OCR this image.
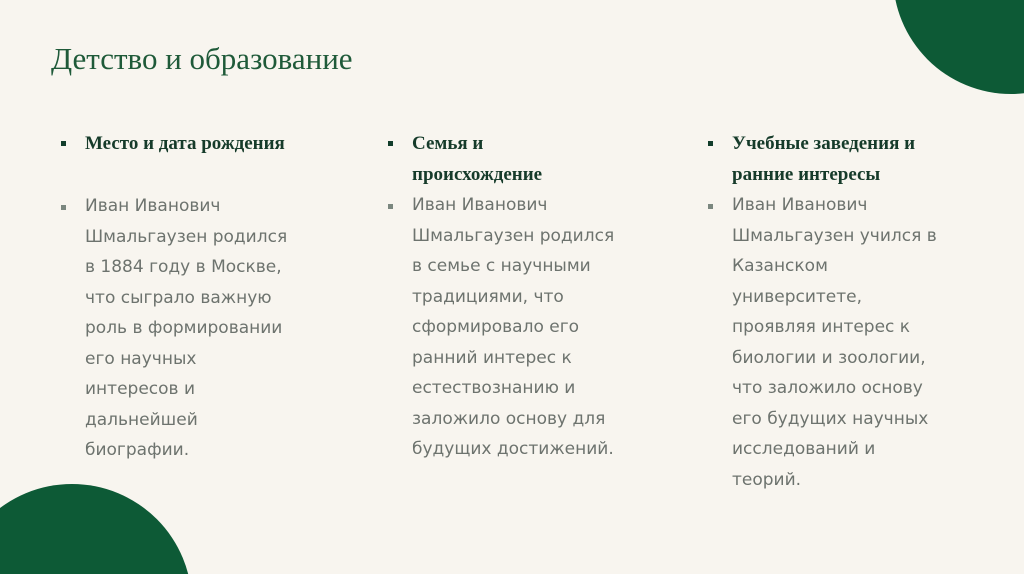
Детство и образование
Место и дата рождения
Иван Иванович
Шмальгаузен родился
в 1884 году в Москве,
что сыграло важную
роль в формировании
его научных
интересов и
дальнейшей
биографии.
Семья и
происхождение
Иван Иванович
Шмальгаузен родился
в семье с научными
традициями, что
сформировало его
ранний интерес к
естествознанию и
заложило основу для
будущих достижений.
Учебные заведения и
ранние интересы
Иван Иванович
Шмальгаузен учился в
Казанском
университете,
проявляя интерес к
биологии и зоологии,
что заложило основу
его будущих научных
исследований и
теорий.
